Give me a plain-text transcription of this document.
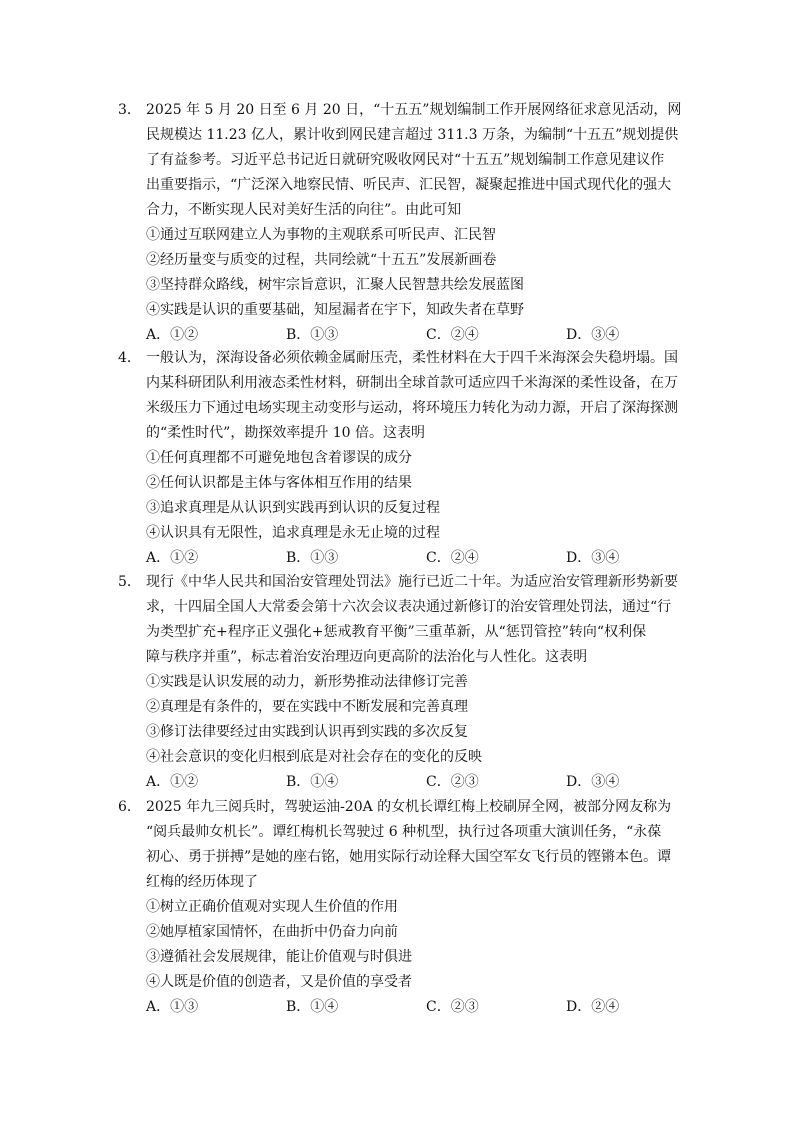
3． 2025 年 5 月 20 日至 6 月 20 日，“十五五”规划编制工作开展网络征求意见活动，网
民规模达 11.23 亿人，累计收到网民建言超过 311.3 万条，为编制“十五五”规划提供
了有益参考。习近平总书记近日就研究吸收网民对“十五五”规划编制工作意见建议作
出重要指示，“广泛深入地察民情、听民声、汇民智，凝聚起推进中国式现代化的强大
合力，不断实现人民对美好生活的向往”。由此可知
①通过互联网建立人为事物的主观联系可听民声、汇民智
②经历量变与质变的过程，共同绘就“十五五”发展新画卷
③坚持群众路线，树牢宗旨意识，汇聚人民智慧共绘发展蓝图
④实践是认识的重要基础，知屋漏者在宇下，知政失者在草野
A．①②	B．①③	C．②④	D．③④
4． 一般认为，深海设备必须依赖金属耐压壳，柔性材料在大于四千米海深会失稳坍塌。国
内某科研团队利用液态柔性材料，研制出全球首款可适应四千米海深的柔性设备，在万
米级压力下通过电场实现主动变形与运动，将环境压力转化为动力源，开启了深海探测
的“柔性时代”，勘探效率提升 10 倍。这表明
①任何真理都不可避免地包含着谬误的成分
②任何认识都是主体与客体相互作用的结果
③追求真理是从认识到实践再到认识的反复过程
④认识具有无限性，追求真理是永无止境的过程
A．①②	B．①③	C．②④	D．③④
5． 现行《中华人民共和国治安管理处罚法》施行已近二十年。为适应治安管理新形势新要
求，十四届全国人大常委会第十六次会议表决通过新修订的治安管理处罚法，通过“行
为类型扩充+程序正义强化+惩戒教育平衡”三重革新，从“惩罚管控”转向“权利保
障与秩序并重”，标志着治安治理迈向更高阶的法治化与人性化。这表明
①实践是认识发展的动力，新形势推动法律修订完善
②真理是有条件的，要在实践中不断发展和完善真理
③修订法律要经过由实践到认识再到实践的多次反复
④社会意识的变化归根到底是对社会存在的变化的反映
A．①②	B．①④	C．②③	D．③④
6． 2025 年九三阅兵时，驾驶运油-20A 的女机长谭红梅上校刷屏全网，被部分网友称为
“阅兵最帅女机长”。谭红梅机长驾驶过 6 种机型，执行过各项重大演训任务，“永葆
初心、勇于拼搏”是她的座右铭，她用实际行动诠释大国空军女飞行员的铿锵本色。谭
红梅的经历体现了
①树立正确价值观对实现人生价值的作用
②她厚植家国情怀，在曲折中仍奋力向前
③遵循社会发展规律，能让价值观与时俱进
④人既是价值的创造者，又是价值的享受者
A．①③	B．①④	C．②③	D．②④
